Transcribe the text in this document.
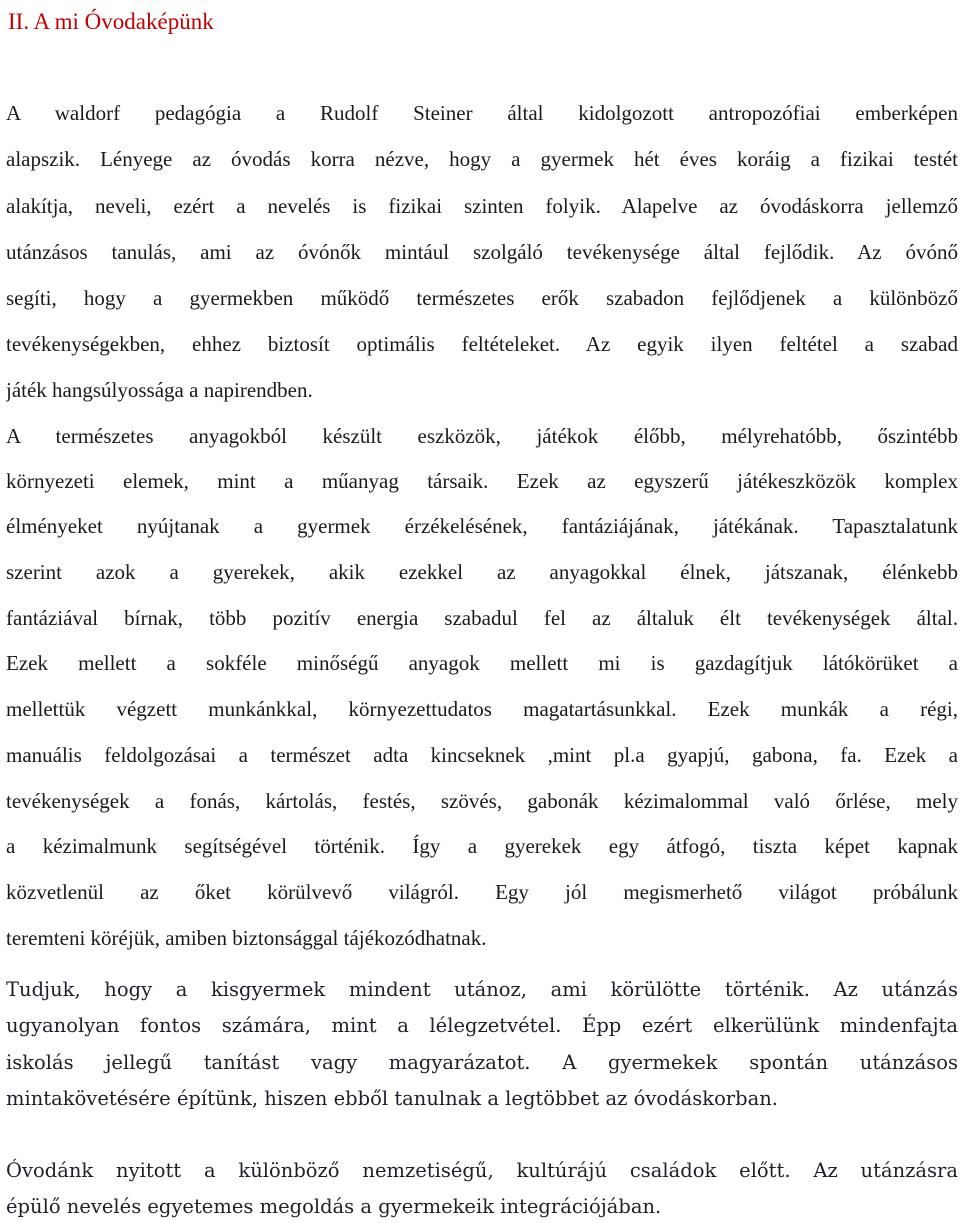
II. A mi Óvodaképünk

A waldorf pedagógia a Rudolf Steiner által kidolgozott antropozófiai emberképen

alapszik. Lényege az óvodás korra nézve, hogy a gyermek hét éves koráig a fizikai testét

alakítja, neveli, ezért a nevelés is fizikai szinten folyik. Alapelve az óvodáskorra jellemző

utánzásos tanulás, ami az óvónők mintául szolgáló tevékenysége által fejlődik. Az óvónő

segíti, hogy a gyermekben működő természetes erők szabadon fejlődjenek a különböző

tevékenységekben, ehhez biztosít optimális feltételeket. Az egyik ilyen feltétel a szabad

játék hangsúlyossága a napirendben.

A természetes anyagokból készült eszközök, játékok élőbb, mélyrehatóbb, őszintébb

környezeti elemek, mint a műanyag társaik. Ezek az egyszerű játékeszközök komplex

élményeket nyújtanak a gyermek érzékelésének, fantáziájának, játékának. Tapasztalatunk

szerint azok a gyerekek, akik ezekkel az anyagokkal élnek, játszanak, élénkebb

fantáziával bírnak, több pozitív energia szabadul fel az általuk élt tevékenységek által.

Ezek mellett a sokféle minőségű anyagok mellett mi is gazdagítjuk látókörüket a

mellettük végzett munkánkkal, környezettudatos magatartásunkkal. Ezek munkák a régi,

manuális feldolgozásai a természet adta kincseknek ,mint pl.a gyapjú, gabona, fa. Ezek a

tevékenységek a fonás, kártolás, festés, szövés, gabonák kézimalommal való őrlése, mely

a kézimalmunk segítségével történik. Így a gyerekek egy átfogó, tiszta képet kapnak

közvetlenül az őket körülvevő világról. Egy jól megismerhető világot próbálunk

teremteni köréjük, amiben biztonsággal tájékozódhatnak.

Tudjuk, hogy a kisgyermek mindent utánoz, ami körülötte történik. Az utánzás

ugyanolyan fontos számára, mint a lélegzetvétel. Épp ezért elkerülünk mindenfajta

iskolás jellegű tanítást vagy magyarázatot. A gyermekek spontán utánzásos

mintakövetésére építünk, hiszen ebből tanulnak a legtöbbet az óvodáskorban.

Óvodánk nyitott a különböző nemzetiségű, kultúrájú családok előtt. Az utánzásra

épülő nevelés egyetemes megoldás a gyermekeik integrációjában.
